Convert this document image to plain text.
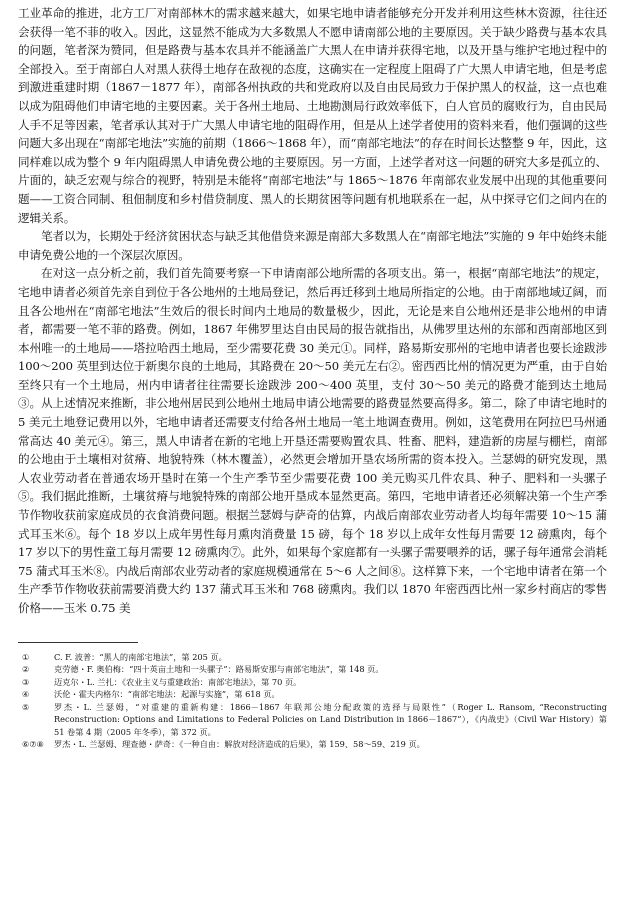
工业革命的推进，北方工厂对南部林木的需求越来越大，如果宅地申请者能够充分开发并利用这些林木资源，往往还会获得一笔不菲的收入。因此，这显然不能成为大多数黑人不愿申请南部公地的主要原因。关于缺少路费与基本农具的问题，笔者深为赞同，但是路费与基本农具并不能涵盖广大黑人在申请并获得宅地，以及开垦与维护宅地过程中的全部投入。至于南部白人对黑人获得土地存在敌视的态度，这确实在一定程度上阻碍了广大黑人申请宅地，但是考虑到激进重建时期（1867－1877 年），南部各州执政的共和党政府以及自由民局致力于保护黑人的权益，这一点也难以成为阻碍他们申请宅地的主要因素。关于各州土地局、土地勘测局行政效率低下，白人官员的腐败行为，自由民局人手不足等因素，笔者承认其对于广大黑人申请宅地的阻碍作用，但是从上述学者使用的资料来看，他们强调的这些问题大多出现在“南部宅地法”实施的前期（1866～1868 年），而“南部宅地法”的存在时间长达整整 9 年，因此，这同样难以成为整个 9 年内阻碍黑人申请免费公地的主要原因。另一方面，上述学者对这一问题的研究大多是孤立的、片面的，缺乏宏观与综合的视野，特别是未能将“南部宅地法”与 1865～1876 年南部农业发展中出现的其他重要问题——工资合同制、租佃制度和乡村借贷制度、黑人的长期贫困等问题有机地联系在一起，从中探寻它们之间内在的逻辑关系。

笔者以为，长期处于经济贫困状态与缺乏其他借贷来源是南部大多数黑人在“南部宅地法”实施的 9 年中始终未能申请免费公地的一个深层次原因。

在对这一点分析之前，我们首先简要考察一下申请南部公地所需的各项支出。第一，根据“南部宅地法”的规定，宅地申请者必须首先亲自到位于各公地州的土地局登记，然后再迁移到土地局所指定的公地。由于南部地域辽阔，而且各公地州在“南部宅地法”生效后的很长时间内土地局的数量极少，因此，无论是来自公地州还是非公地州的申请者，都需要一笔不菲的路费。例如，1867 年佛罗里达自由民局的报告就指出，从佛罗里达州的东部和西南部地区到本州唯一的土地局——塔拉哈西土地局，至少需要花费 30 美元①。同样，路易斯安那州的宅地申请者也要长途跋涉 100～200 英里到达位于新奥尔良的土地局，其路费在 20～50 美元左右②。密西西比州的情况更为严重，由于自始至终只有一个土地局，州内申请者往往需要长途跋涉 200～400 英里，支付 30～50 美元的路费才能到达土地局③。从上述情况来推断，非公地州居民到公地州土地局申请公地需要的路费显然要高得多。第二，除了申请宅地时的 5 美元土地登记费用以外，宅地申请者还需要支付给各州土地局一笔土地调查费用。例如，这笔费用在阿拉巴马州通常高达 40 美元④。第三，黑人申请者在新的宅地上开垦还需要购置农具、牲畜、肥料，建造新的房屋与棚栏，南部的公地由于土壤相对贫瘠、地貌特殊（林木覆盖），必然更会增加开垦农场所需的资本投入。兰瑟姆的研究发现，黑人农业劳动者在普通农场开垦时在第一个生产季节至少需要花费 100 美元购买几件农具、种子、肥料和一头骡子⑤。我们据此推断，土壤贫瘠与地貌特殊的南部公地开垦成本显然更高。第四，宅地申请者还必须解决第一个生产季节作物收获前家庭成员的衣食消费问题。根据兰瑟姆与萨奇的估算，内战后南部农业劳动者人均每年需要 10～15 蒲式耳玉米⑥。每个 18 岁以上成年男性每月熏肉消费量 15 磅，每个 18 岁以上成年女性每月需要 12 磅熏肉，每个 17 岁以下的男性童工每月需要 12 磅熏肉⑦。此外，如果每个家庭都有一头骡子需要喂养的话，骡子每年通常会消耗 75 蒲式耳玉米⑧。内战后南部农业劳动者的家庭规模通常在 5～6 人之间⑧。这样算下来，一个宅地申请者在第一个生产季节作物收获前需要消费大约 137 蒲式耳玉米和 768 磅熏肉。我们以 1870 年密西西比州一家乡村商店的零售价格——玉米 0.75 美

①	C. F. 波普：“黑人的南部宅地法”，第 205 页。
②	克劳德・F. 奥伯梅：“四十英亩土地和一头骡子”：路易斯安那与南部宅地法”，第 148 页。
③	迈克尔・L. 兰扎：《农业主义与重建政治：南部宅地法》，第 70 页。
④	沃伦・霍夫内格尔：“南部宅地法：起源与实施”，第 618 页。
⑤	罗杰・L. 兰瑟姆，“对重建的重新构建：1866－1867 年联邦公地分配政策的选择与局限性”（Roger L. Ransom, “Reconstructing Reconstruction: Options and Limitations to Federal Policies on Land Distribution in 1866－1867”），《内战史》（Civil War History）第 51 卷第 4 期（2005 年冬季），第 372 页。
⑥⑦⑧	罗杰・L. 兰瑟姆、理查德・萨奇：《一种自由：解放对经济造成的后果》，第 159、58～59、219 页。
